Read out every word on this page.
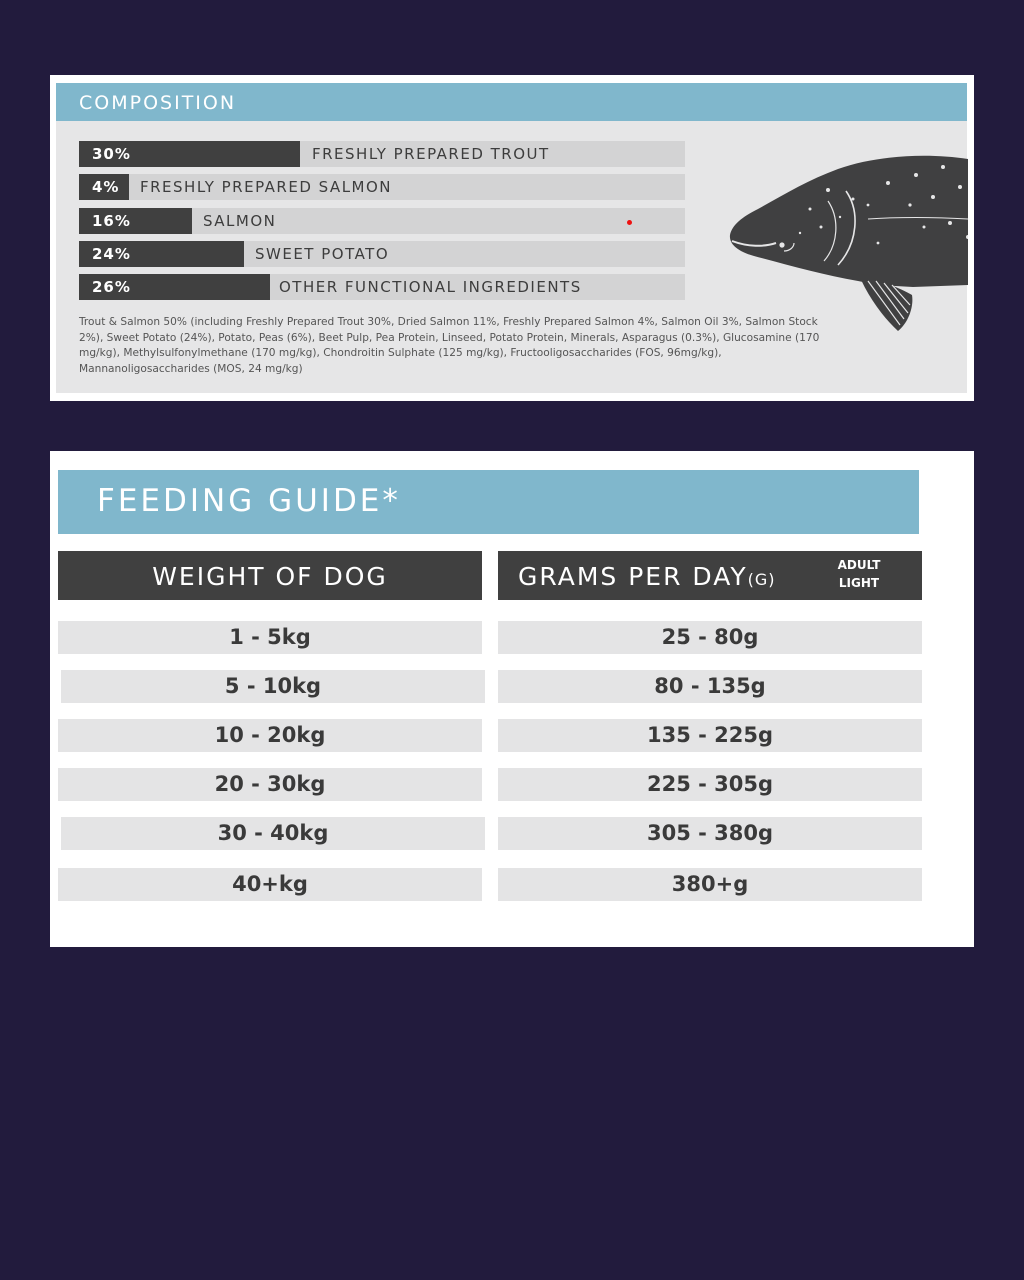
COMPOSITION
30%	FRESHLY PREPARED TROUT
4%	FRESHLY PREPARED SALMON
16%	SALMON
24%	SWEET POTATO
26%	OTHER FUNCTIONAL INGREDIENTS
Trout & Salmon 50% (including Freshly Prepared Trout 30%, Dried Salmon 11%, Freshly Prepared Salmon 4%, Salmon Oil 3%, Salmon Stock 2%), Sweet Potato (24%), Potato, Peas (6%), Beet Pulp, Pea Protein, Linseed, Potato Protein, Minerals, Asparagus (0.3%), Glucosamine (170 mg/kg), Methylsulfonylmethane (170 mg/kg), Chondroitin Sulphate (125 mg/kg), Fructooligosaccharides (FOS, 96mg/kg), Mannanoligosaccharides (MOS, 24 mg/kg)
FEEDING GUIDE*
WEIGHT OF DOG	GRAMS PER DAY(G)
ADULT
LIGHT
1 - 5kg	25 - 80g
5 - 10kg	80 - 135g
10 - 20kg	135 - 225g
20 - 30kg	225 - 305g
30 - 40kg	305 - 380g
40+kg	380+g
